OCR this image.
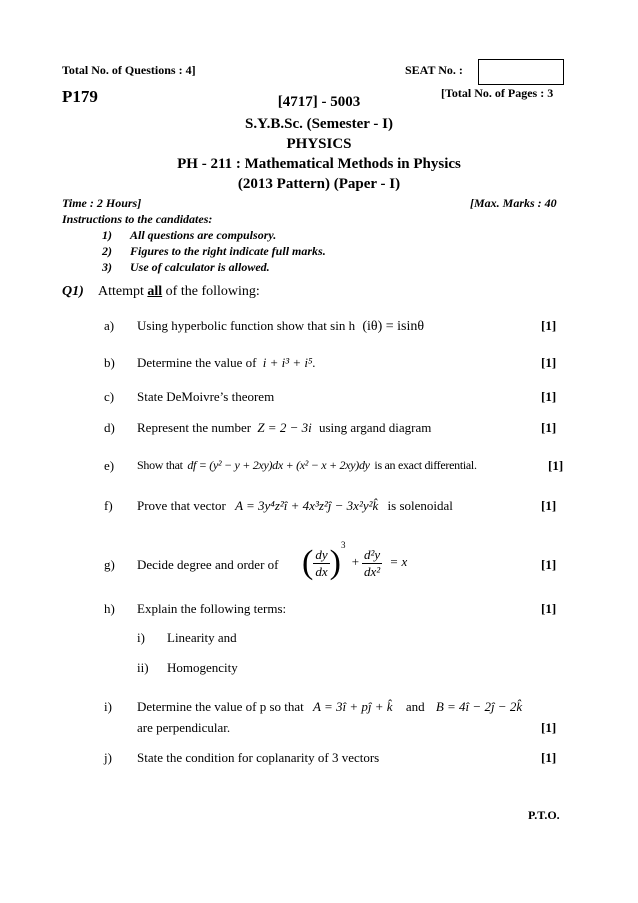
Total No. of Questions : 4]	SEAT No. :
P179	[Total No. of Pages : 3
[4717] - 5003
S.Y.B.Sc. (Semester - I)
PHYSICS
PH - 211 : Mathematical Methods in Physics
(2013 Pattern) (Paper - I)
Time : 2 Hours]	[Max. Marks : 40
Instructions to the candidates:
1) All questions are compulsory.
2) Figures to the right indicate full marks.
3) Use of calculator is allowed.
Q1) Attempt all of the following:
a) Using hyperbolic function show that sin h (iθ) = isinθ	[1]
b) Determine the value of i + i³ + i⁵.	[1]
c) State DeMoivre’s theorem	[1]
d) Represent the number Z = 2 − 3i using argand diagram	[1]
e) Show that df = (y² − y + 2xy)dx + (x² − x + 2xy)dy is an exact differential.	[1]
f) Prove that vector A = 3y⁴z²î + 4x³z²ĵ − 3x²y²k̂ is solenoidal	[1]
g) Decide degree and order of ( $\frac{dy}{dx} )^3 + \frac{\text{d²y}}{\text{dx²}} = x$	[1]
h) Explain the following terms:	[1]
i) Linearity and
ii) Homogencity
i) Determine the value of p so that A = 3î + pĵ + k̂ and B = 4î − 2ĵ − 2k̂
are perpendicular.	[1]
j) State the condition for coplanarity of 3 vectors	[1]
P.T.O.
